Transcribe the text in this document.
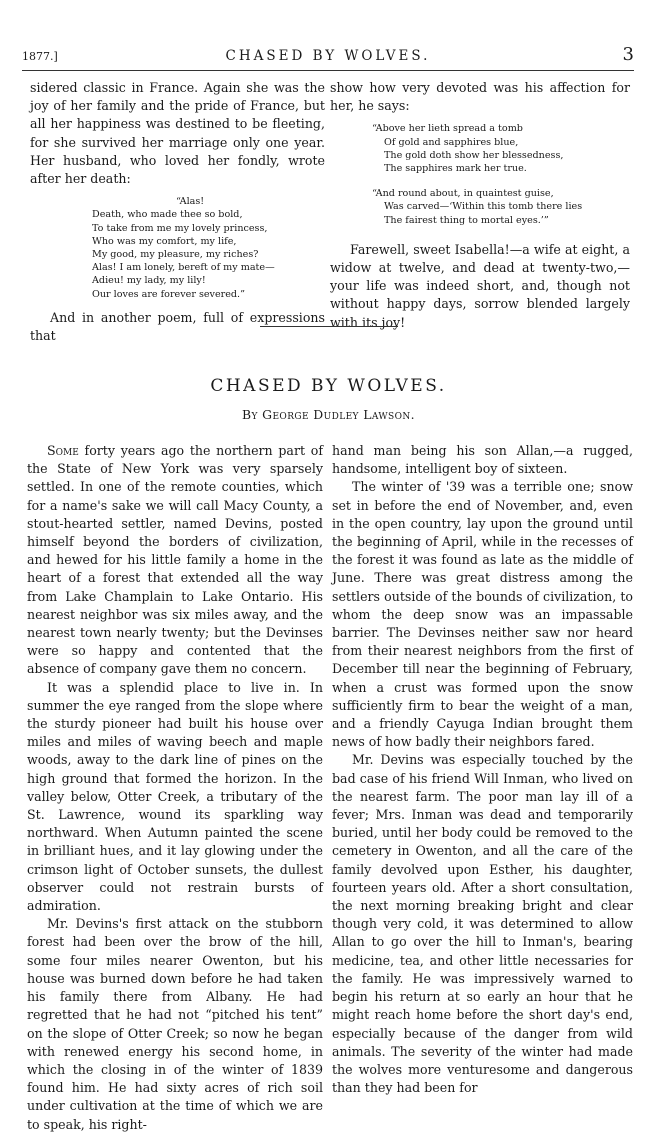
1877.]	CHASED BY WOLVES.	3

sidered classic in France. Again she was the joy of her family and the pride of France, but all her happiness was destined to be fleeting, for she survived her marriage only one year. Her husband, who loved her fondly, wrote after her death:

“Alas!
Death, who made thee so bold,
To take from me my lovely princess,
Who was my comfort, my life,
My good, my pleasure, my riches?
Alas! I am lonely, bereft of my mate—
Adieu! my lady, my lily!
Our loves are forever severed.”

And in another poem, full of expressions that

show how very devoted was his affection for her, he says:

“Above her lieth spread a tomb
Of gold and sapphires blue,
The gold doth show her blessedness,
The sapphires mark her true.
“And round about, in quaintest guise,
Was carved—‘Within this tomb there lies
The fairest thing to mortal eyes.’”

Farewell, sweet Isabella!—a wife at eight, a widow at twelve, and dead at twenty-two,—your life was indeed short, and, though not without happy days, sorrow blended largely with its joy!

CHASED BY WOLVES.
By George Dudley Lawson.

Some forty years ago the northern part of the State of New York was very sparsely settled. In one of the remote counties, which for a name's sake we will call Macy County, a stout-hearted settler, named Devins, posted himself beyond the borders of civilization, and hewed for his little family a home in the heart of a forest that extended all the way from Lake Champlain to Lake Ontario. His nearest neighbor was six miles away, and the nearest town nearly twenty; but the Devinses were so happy and contented that the absence of company gave them no concern.

It was a splendid place to live in. In summer the eye ranged from the slope where the sturdy pioneer had built his house over miles and miles of waving beech and maple woods, away to the dark line of pines on the high ground that formed the horizon. In the valley below, Otter Creek, a tributary of the St. Lawrence, wound its sparkling way northward. When Autumn painted the scene in brilliant hues, and it lay glowing under the crimson light of October sunsets, the dullest observer could not restrain bursts of admiration.

Mr. Devins's first attack on the stubborn forest had been over the brow of the hill, some four miles nearer Owenton, but his house was burned down before he had taken his family there from Albany. He had regretted that he had not “pitched his tent” on the slope of Otter Creek; so now he began with renewed energy his second home, in which the closing in of the winter of 1839 found him. He had sixty acres of rich soil under cultivation at the time of which we are to speak, his right-

hand man being his son Allan,—a rugged, handsome, intelligent boy of sixteen.

The winter of '39 was a terrible one; snow set in before the end of November, and, even in the open country, lay upon the ground until the beginning of April, while in the recesses of the forest it was found as late as the middle of June. There was great distress among the settlers outside of the bounds of civilization, to whom the deep snow was an impassable barrier. The Devinses neither saw nor heard from their nearest neighbors from the first of December till near the beginning of February, when a crust was formed upon the snow sufficiently firm to bear the weight of a man, and a friendly Cayuga Indian brought them news of how badly their neighbors fared.

Mr. Devins was especially touched by the bad case of his friend Will Inman, who lived on the nearest farm. The poor man lay ill of a fever; Mrs. Inman was dead and temporarily buried, until her body could be removed to the cemetery in Owenton, and all the care of the family devolved upon Esther, his daughter, fourteen years old. After a short consultation, the next morning breaking bright and clear though very cold, it was determined to allow Allan to go over the hill to Inman's, bearing medicine, tea, and other little necessaries for the family. He was impressively warned to begin his return at so early an hour that he might reach home before the short day's end, especially because of the danger from wild animals. The severity of the winter had made the wolves more venturesome and dangerous than they had been for
